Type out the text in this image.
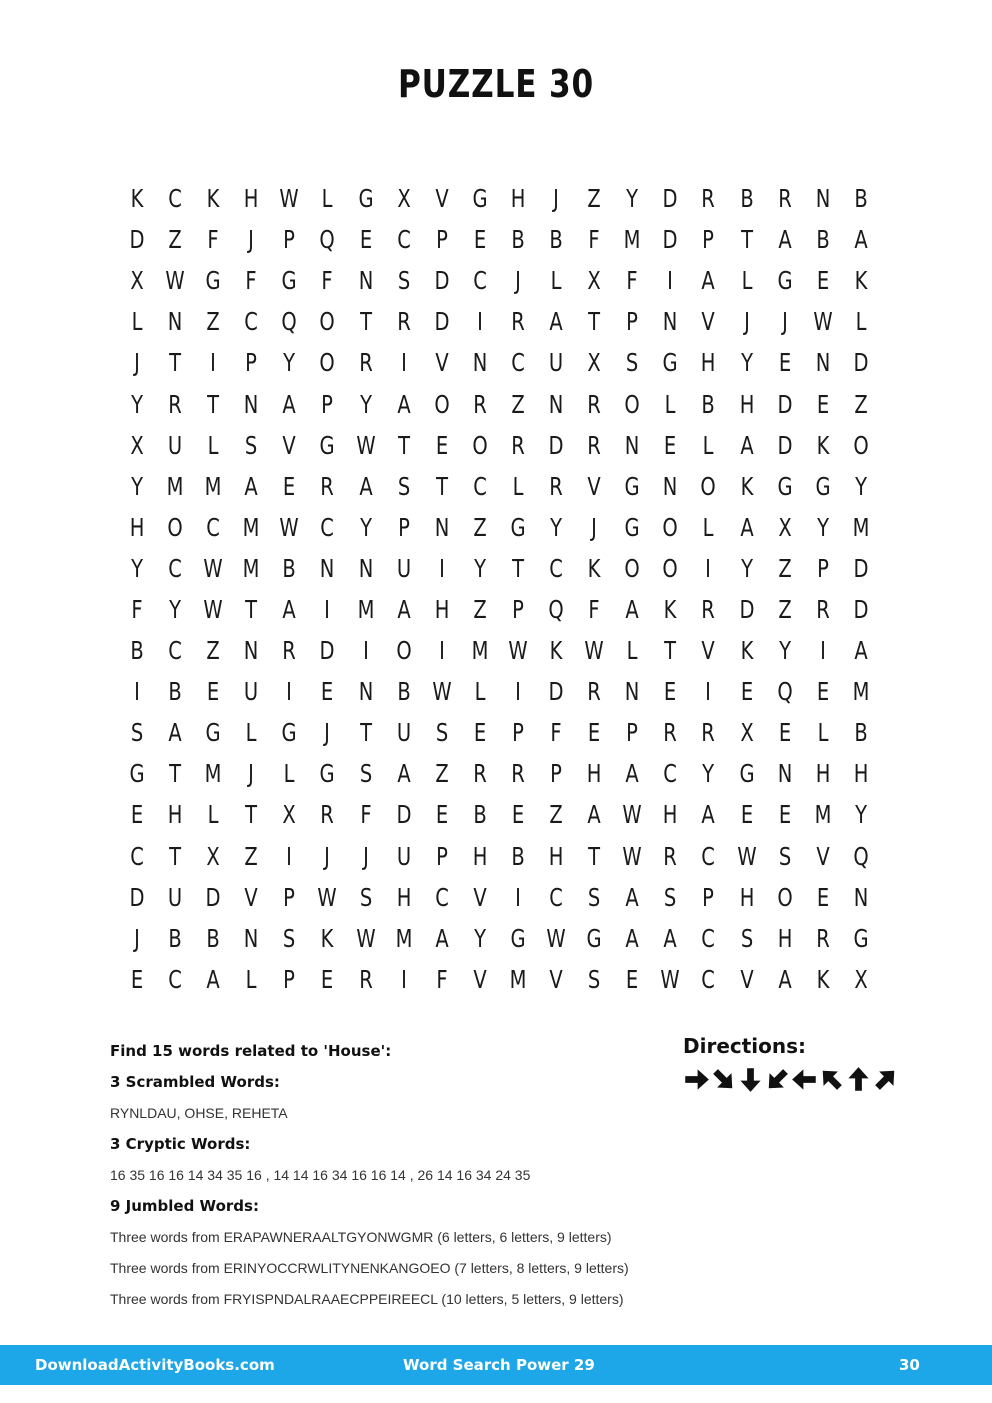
PUZZLE 30
K C K H W L	G X V G H	J	Z	Y D R B R N B
D Z	F	J	P Q E	C	P	E	B B	F M D P	T	A B A
X W G F G F	N S D C	J	L	X	F	I	A	L	G E	K
L	N Z C Q O T	R D	I	R A	T	P N V	J	J	W L
J	T	I	P	Y O R	I	V N C U X	S G H Y	E N D
Y	R	T N A	P	Y	A O R Z N R O L	B H D E	Z
X U	L	S	V G W T	E O R D R N E	L	A D K O
Y M M A	E	R A	S	T	C	L	R V G N O K G G Y
H O C M W C	Y	P N Z G Y	J	G O L	A X	Y M
Y	C W M B N N U	I	Y	T	C K O O	I	Y	Z	P D
F	Y W T	A	I	M A H Z	P Q F	A	K R D Z R D
B C Z N R D	I	O	I	M W K W L	T	V	K	Y	I	A
I	B	E U	I	E N B W L	I	D R N E	I	E Q E M
S	A G	L	G	J	T U S	E	P	F	E	P	R R X	E	L	B
G T M	J	L	G S	A Z R R	P H A C	Y G N H H
E H	L	T	X R	F D E	B	E	Z A W H A	E	E M Y
C	T	X Z	I	J	J	U	P H B H T W R C W S	V Q
D U D V	P W S H C V	I	C	S	A	S	P H O E N
J	B B N S	K W M A	Y G W G A A C	S H R G
E	C A	L	P	E	R	I	F	V M V	S	E W C V A	K	X
Find 15 words related to 'House':
3 Scrambled Words:
RYNLDAU, OHSE, REHETA
3 Cryptic Words:
16 35 16 16 14 34 35 16 , 14 14 16 34 16 16 14 , 26 14 16 34 24 35
9 Jumbled Words:
Three words from ERAPAWNERAALTGYONWGMR (6 letters, 6 letters, 9 letters)
Three words from ERINYOCCRWLITYNENKANGOEO (7 letters, 8 letters, 9 letters)
Three words from FRYISPNDALRAAECPPEIREECL (10 letters, 5 letters, 9 letters)
Directions:
DownloadActivityBooks.com	Word Search Power 29	30
